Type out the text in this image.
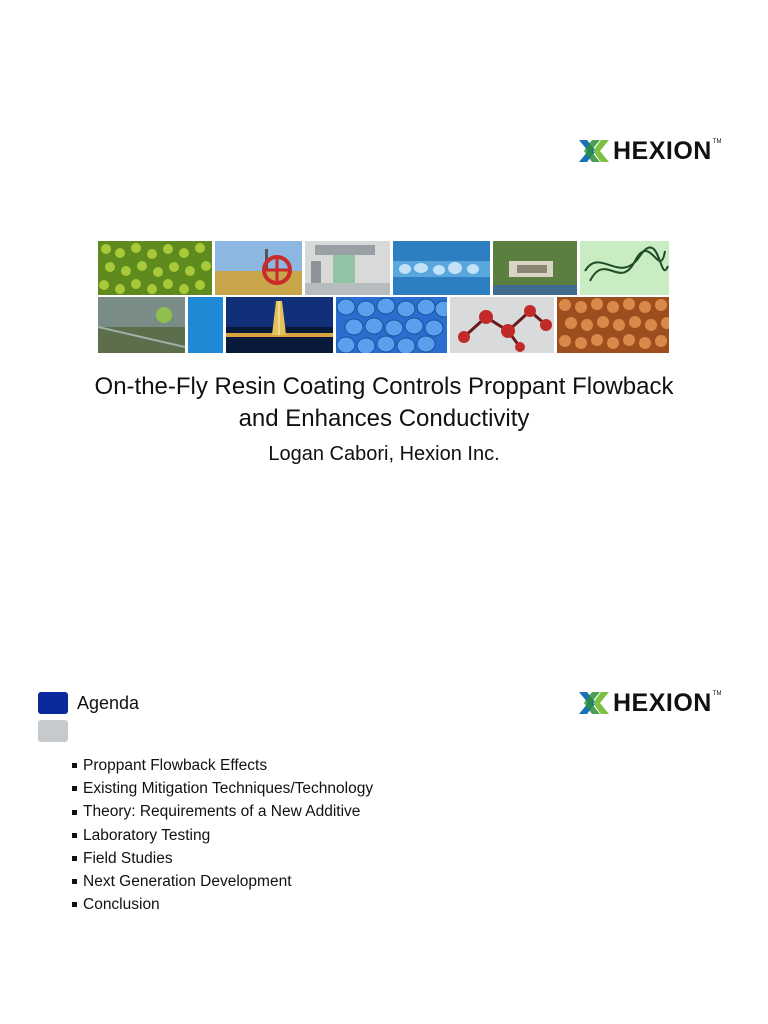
HEXION TM
On-the-Fly Resin Coating Controls Proppant Flowback
and Enhances Conductivity
Logan Cabori, Hexion Inc.
Agenda	HEXION TM
Proppant Flowback Effects
Existing Mitigation Techniques/Technology
Theory: Requirements of a New Additive
Laboratory Testing
Field Studies
Next Generation Development
Conclusion
